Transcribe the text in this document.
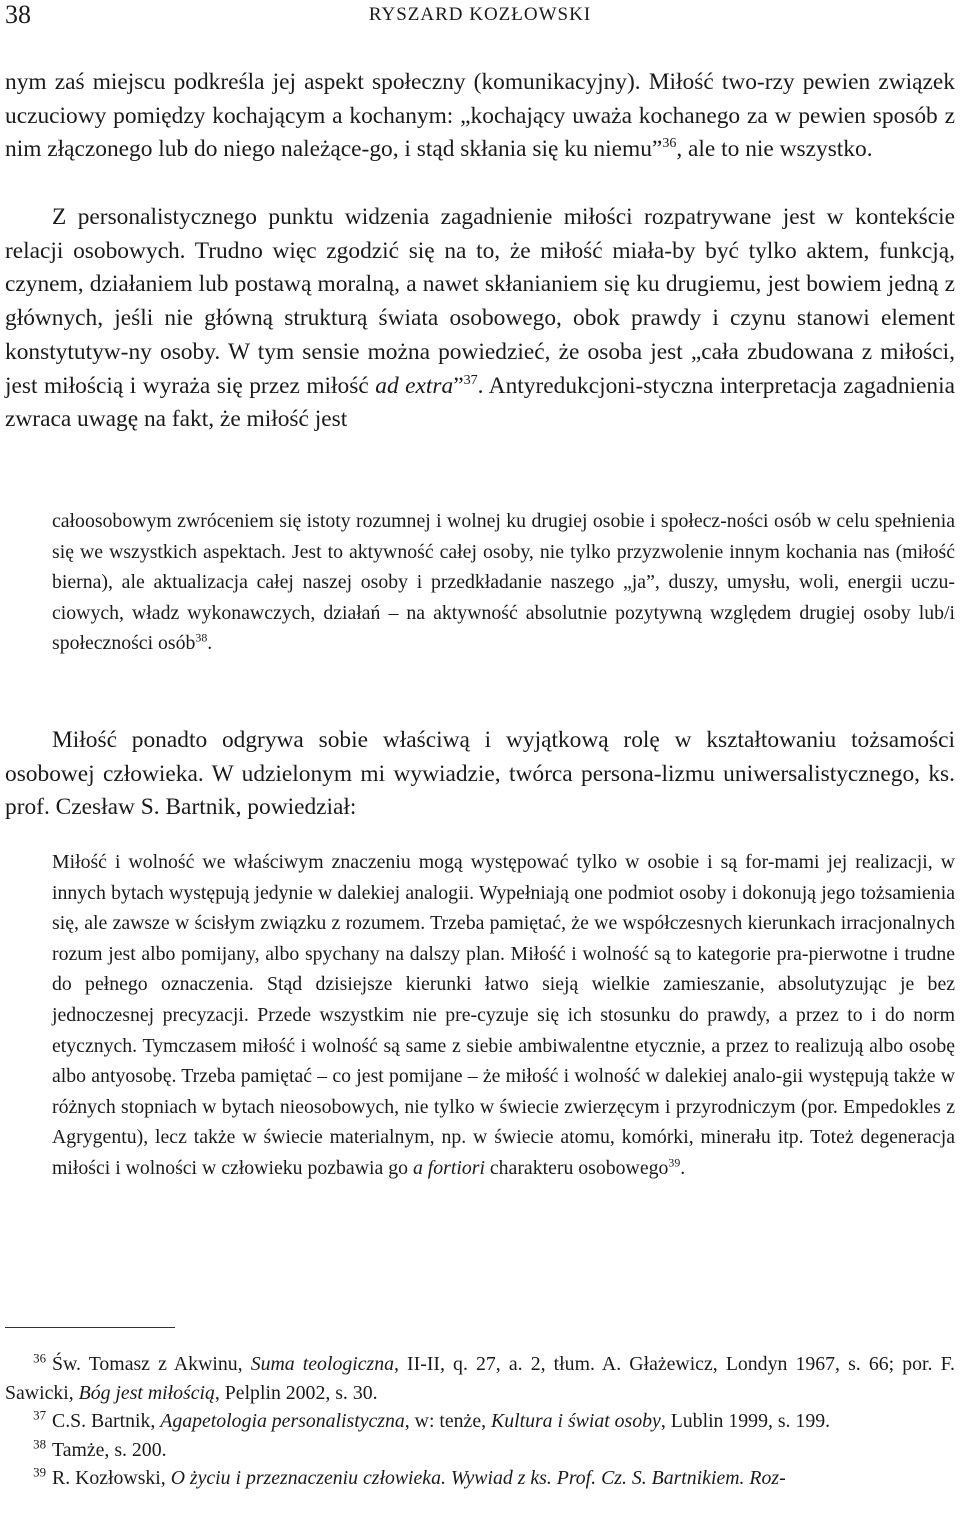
38	RYSZARD KOZŁOWSKI

nym zaś miejscu podkreśla jej aspekt społeczny (komunikacyjny). Miłość two-rzy pewien związek uczuciowy pomiędzy kochającym a kochanym: „kochający uważa kochanego za w pewien sposób z nim złączonego lub do niego należące-go, i stąd skłania się ku niemu”$^{36}$, ale to nie wszystko.

Z personalistycznego punktu widzenia zagadnienie miłości rozpatrywane jest w kontekście relacji osobowych. Trudno więc zgodzić się na to, że miłość miała-by być tylko aktem, funkcją, czynem, działaniem lub postawą moralną, a nawet skłanianiem się ku drugiemu, jest bowiem jedną z głównych, jeśli nie główną strukturą świata osobowego, obok prawdy i czynu stanowi element konstytutyw-ny osoby. W tym sensie można powiedzieć, że osoba jest „cała zbudowana z miłości, jest miłością i wyraża się przez miłość ad extra”$^{37}$. Antyredukcjoni-styczna interpretacja zagadnienia zwraca uwagę na fakt, że miłość jest

całoosobowym zwróceniem się istoty rozumnej i wolnej ku drugiej osobie i społecz-ności osób w celu spełnienia się we wszystkich aspektach. Jest to aktywność całej osoby, nie tylko przyzwolenie innym kochania nas (miłość bierna), ale aktualizacja całej naszej osoby i przedkładanie naszego „ja”, duszy, umysłu, woli, energii uczu-ciowych, władz wykonawczych, działań – na aktywność absolutnie pozytywną względem drugiej osoby lub/i społeczności osób$^{38}$.

Miłość ponadto odgrywa sobie właściwą i wyjątkową rolę w kształtowaniu tożsamości osobowej człowieka. W udzielonym mi wywiadzie, twórca persona-lizmu uniwersalistycznego, ks. prof. Czesław S. Bartnik, powiedział:

Miłość i wolność we właściwym znaczeniu mogą występować tylko w osobie i są for-mami jej realizacji, w innych bytach występują jedynie w dalekiej analogii. Wypełniają one podmiot osoby i dokonują jego tożsamienia się, ale zawsze w ścisłym związku z rozumem. Trzeba pamiętać, że we współczesnych kierunkach irracjonalnych rozum jest albo pomijany, albo spychany na dalszy plan. Miłość i wolność są to kategorie pra-pierwotne i trudne do pełnego oznaczenia. Stąd dzisiejsze kierunki łatwo sieją wielkie zamieszanie, absolutyzując je bez jednoczesnej precyzacji. Przede wszystkim nie pre-cyzuje się ich stosunku do prawdy, a przez to i do norm etycznych. Tymczasem miłość i wolność są same z siebie ambiwalentne etycznie, a przez to realizują albo osobę albo antyosobę. Trzeba pamiętać – co jest pomijane – że miłość i wolność w dalekiej analo-gii występują także w różnych stopniach w bytach nieosobowych, nie tylko w świecie zwierzęcym i przyrodniczym (por. Empedokles z Agrygentu), lecz także w świecie materialnym, np. w świecie atomu, komórki, minerału itp. Toteż degeneracja miłości i wolności w człowieku pozbawia go a fortiori charakteru osobowego$^{39}$.

$^{36}$ Św. Tomasz z Akwinu, Suma teologiczna, II-II, q. 27, a. 2, tłum. A. Głażewicz, Londyn 1967, s. 66; por. F. Sawicki, Bóg jest miłością, Pelplin 2002, s. 30.

$^{37}$ C.S. Bartnik, Agapetologia personalistyczna, w: tenże, Kultura i świat osoby, Lublin 1999, s. 199.

$^{38}$ Tamże, s. 200.

$^{39}$ R. Kozłowski, O życiu i przeznaczeniu człowieka. Wywiad z ks. Prof. Cz. S. Bartnikiem. Roz-
